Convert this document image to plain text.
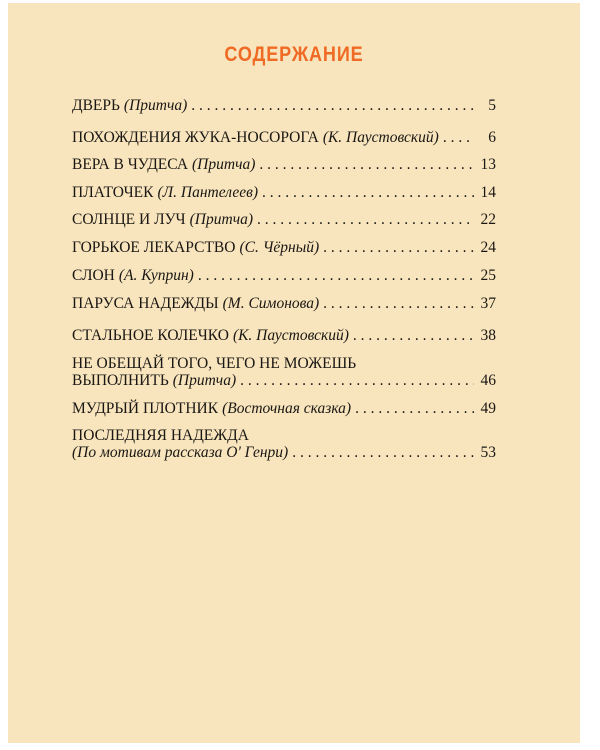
СОДЕРЖАНИЕ
ДВЕРЬ (Притча) . . .	5
ПОХОЖДЕНИЯ ЖУКА-НОСОРОГА (К. Паустовский) . . .	6
ВЕРА В ЧУДЕСА (Притча) . . .	13
ПЛАТОЧЕК (Л. Пантелеев) . . .	14
СОЛНЦЕ И ЛУЧ (Притча) . . .	22
ГОРЬКОЕ ЛЕКАРСТВО (С. Чёрный) . . .	24
СЛОН (А. Куприн) . . .	25
ПАРУСА НАДЕЖДЫ (М. Симонова) . . .	37
СТАЛЬНОЕ КОЛЕЧКО (К. Паустовский) . . .	38
НЕ ОБЕЩАЙ ТОГО, ЧЕГО НЕ МОЖЕШЬ
ВЫПОЛНИТЬ (Притча) . . .	46
МУДРЫЙ ПЛОТНИК (Восточная сказка) . . .	49
ПОСЛЕДНЯЯ НАДЕЖДА
(По мотивам рассказа О' Генри) . . .	53
